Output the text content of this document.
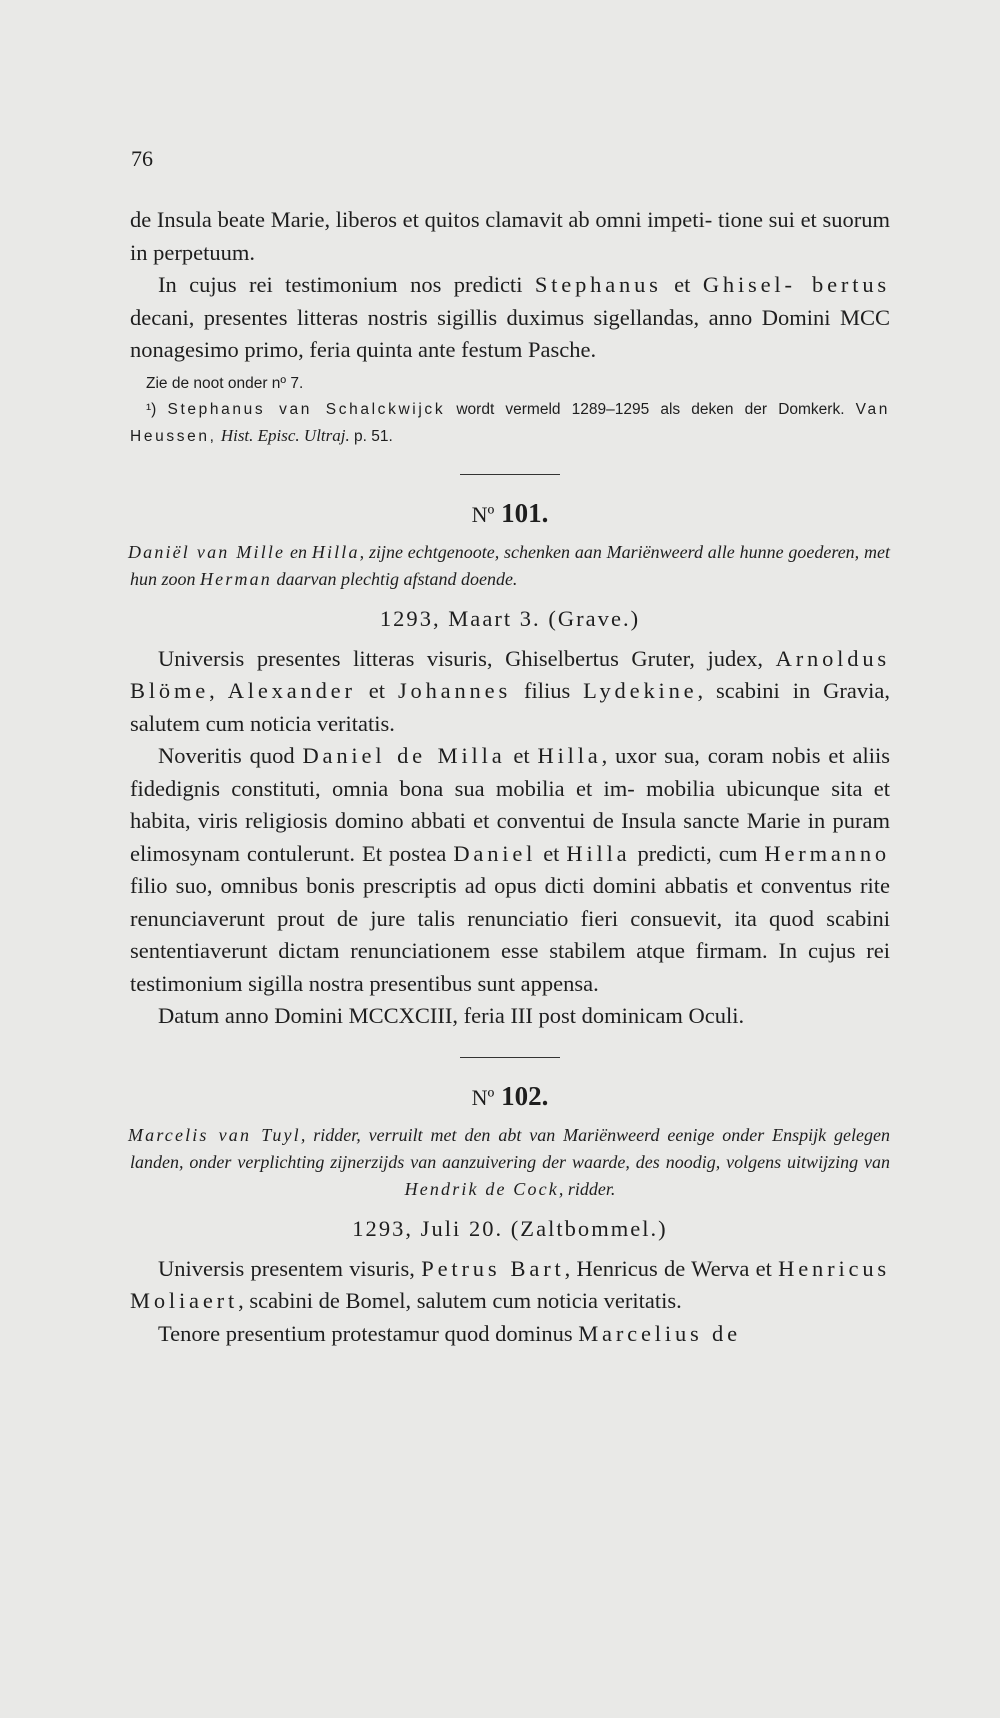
76

de Insula beate Marie, liberos et quitos clamavit ab omni impeti- tione sui et suorum in perpetuum.

In cujus rei testimonium nos predicti Stephanus et Ghisel- bertus decani, presentes litteras nostris sigillis duximus sigellandas, anno Domini MCC nonagesimo primo, feria quinta ante festum Pasche.

Zie de noot onder nº 7.

¹) Stephanus van Schalckwijck wordt vermeld 1289–1295 als deken der Domkerk. Van Heussen, Hist. Episc. Ultraj. p. 51.

Nº 101.

Daniël van Mille en Hilla, zijne echtgenoote, schenken aan Mariënweerd alle hunne goederen, met hun zoon Herman daarvan plechtig afstand doende.

1293, Maart 3. (Grave.)

Universis presentes litteras visuris, Ghiselbertus Gruter, judex, Arnoldus Blöme, Alexander et Johannes filius Lydekine, scabini in Gravia, salutem cum noticia veritatis.

Noveritis quod Daniel de Milla et Hilla, uxor sua, coram nobis et aliis fidedignis constituti, omnia bona sua mobilia et im- mobilia ubicunque sita et habita, viris religiosis domino abbati et conventui de Insula sancte Marie in puram elimosynam contulerunt. Et postea Daniel et Hilla predicti, cum Hermanno filio suo, omnibus bonis prescriptis ad opus dicti domini abbatis et conventus rite renunciaverunt prout de jure talis renunciatio fieri consuevit, ita quod scabini sententiaverunt dictam renunciationem esse stabilem atque firmam. In cujus rei testimonium sigilla nostra presentibus sunt appensa.

Datum anno Domini MCCXCIII, feria III post dominicam Oculi.

Nº 102.

Marcelis van Tuyl, ridder, verruilt met den abt van Mariënweerd eenige onder Enspijk gelegen landen, onder verplichting zijnerzijds van aanzuivering der waarde, des noodig, volgens uitwijzing van Hendrik de Cock, ridder.

1293, Juli 20. (Zaltbommel.)

Universis presentem visuris, Petrus Bart, Henricus de Werva et Henricus Moliaert, scabini de Bomel, salutem cum noticia veritatis.

Tenore presentium protestamur quod dominus Marcelius de
